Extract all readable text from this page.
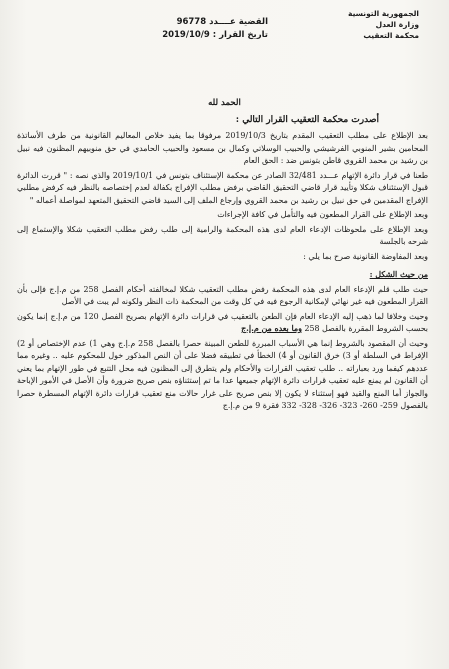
الجمهورية التونسية
وزارة العدل
محكمة التعقيب
القضية عــــدد 96778
تاريخ القرار : 2019/10/9
الحمد لله
أصدرت محكمة التعقيب القرار التالي :

بعد الإطلاع على مطلب التعقيب المقدم بتاريخ 2019/10/3 مرفوقا بما يفيد خلاص المعاليم القانونية من طرف الأساتذة المحامين بشير المنوبي الفرشيشي والحبيب الوسلاتي وكمال بن مسعود والحبيب الحامدي في حق منوبيهم المظنون فيه نبيل بن رشيد بن محمد القروي قاطن بتونس ضد : الحق العام

طعنا في قرار دائرة الإتهام عـــدد 32/481 الصادر عن محكمة الإستئناف بتونس في 2019/10/1 والذي نصه : " قررت الدائرة قبول الإستئناف شكلا وتأييد قرار قاضي التحقيق القاضي برفض مطلب الإفراج بكفالة لعدم إختصاصه بالنظر فيه كرفض مطلبي الإفراج المقدمين في حق نبيل بن رشيد بن محمد القروي وإرجاع الملف إلى السيد قاضي التحقيق المتعهد لمواصلة أعماله "

وبعد الإطلاع على القرار المطعون فيه والتأمل في كافة الإجراءات

وبعد الإطلاع على ملحوظات الإدعاء العام لدى هذه المحكمة والرامية إلى طلب رفض مطلب التعقيب شكلا والإستماع إلى شرحه بالجلسة

وبعد المفاوضة القانونية صرح بما يلي :

من حيث الشكل :

حيث طلب قلم الإدعاء العام لدى هذه المحكمة رفض مطلب التعقيب شكلا لمخالفته أحكام الفصل 258 من م.إ.ج فإلى بأن القرار المطعون فيه غير نهائي لإمكانية الرجوع فيه في كل وقت من المحكمة ذات النظر ولكونه لم يبت في الأصل

وحيث وخلافا لما ذهب إليه الإدعاء العام فإن الطعن بالتعقيب في قرارات دائرة الإتهام بصريح الفصل 120 من م.إ.ج إنما يكون بحسب الشروط المقررة بالفصل 258 وما بعده من م.إ.ج

وحيث أن المقصود بالشروط إنما هي الأسباب المبررة للطعن المبينة حصرا بالفصل 258 م.إ.ج وهي 1) عدم الإختصاص أو 2) الإفراط في السلطة أو 3) خرق القانون أو 4) الخطأ في تطبيقه فضلا على أن النص المذكور خول للمحكوم عليه .. وغيره مما عددهم كيفما ورد بعباراته .. طلب تعقيب القرارات والأحكام ولم يتطرق إلى المظنون فيه محل التتبع في طور الإتهام بما يعني أن القانون لم يمنع عليه تعقيب قرارات دائرة الإتهام جميعها عدا ما تم إستثناؤه بنص صريح ضرورة وأن الأصل في الأمور الإباحة والجواز أما المنع والقيد فهو إستثناء لا يكون إلا بنص صريح على غرار حالات منع تعقيب قرارات دائرة الإتهام المسطرة حصرا بالفصول 259- 260- 323- 326- 328- 332 فقرة 9 من م.إ.ج
